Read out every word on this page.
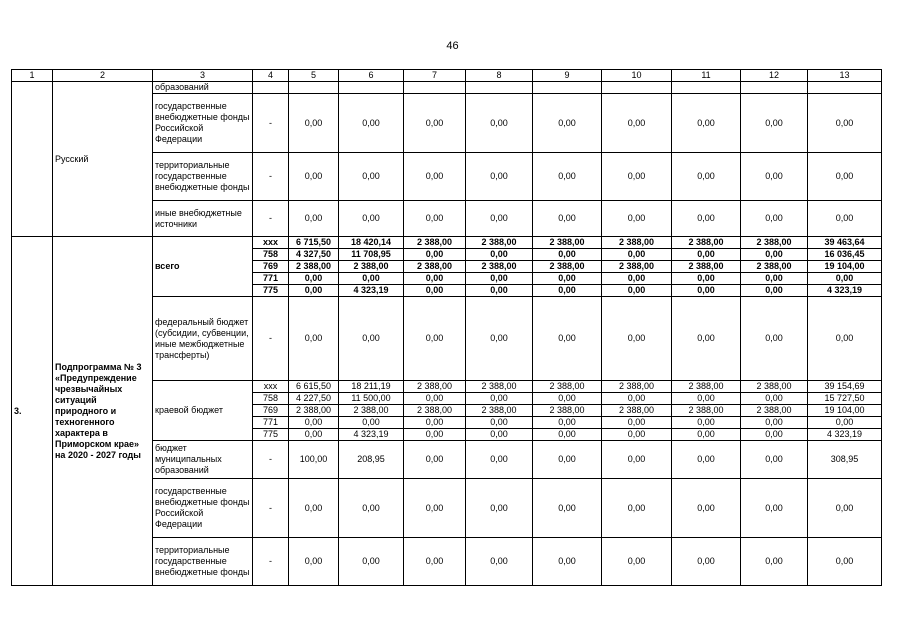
46
1	2	3	4	5	6	7	8	9	10	11	12	13
	Русский	образований										
		государственные внебюджетные фонды Российской Федерации	-	0,00	0,00	0,00	0,00	0,00	0,00	0,00	0,00	0,00
		территориальные государственные внебюджетные фонды	-	0,00	0,00	0,00	0,00	0,00	0,00	0,00	0,00	0,00
		иные внебюджетные источники	-	0,00	0,00	0,00	0,00	0,00	0,00	0,00	0,00	0,00
3.	Подпрограмма № 3 «Предупреждение чрезвычайных ситуаций природного и техногенного характера в Приморском крае» на 2020 - 2027 годы	всего	ххх	6 715,50	18 420,14	2 388,00	2 388,00	2 388,00	2 388,00	2 388,00	2 388,00	39 463,64
			758	4 327,50	11 708,95	0,00	0,00	0,00	0,00	0,00	0,00	16 036,45
			769	2 388,00	2 388,00	2 388,00	2 388,00	2 388,00	2 388,00	2 388,00	2 388,00	19 104,00
			771	0,00	0,00	0,00	0,00	0,00	0,00	0,00	0,00	0,00
			775	0,00	4 323,19	0,00	0,00	0,00	0,00	0,00	0,00	4 323,19
		федеральный бюджет (субсидии, субвенции, иные межбюджетные трансферты)	-	0,00	0,00	0,00	0,00	0,00	0,00	0,00	0,00	0,00
		краевой бюджет	ххх	6 615,50	18 211,19	2 388,00	2 388,00	2 388,00	2 388,00	2 388,00	2 388,00	39 154,69
			758	4 227,50	11 500,00	0,00	0,00	0,00	0,00	0,00	0,00	15 727,50
			769	2 388,00	2 388,00	2 388,00	2 388,00	2 388,00	2 388,00	2 388,00	2 388,00	19 104,00
			771	0,00	0,00	0,00	0,00	0,00	0,00	0,00	0,00	0,00
			775	0,00	4 323,19	0,00	0,00	0,00	0,00	0,00	0,00	4 323,19
		бюджет муниципальных образований	-	100,00	208,95	0,00	0,00	0,00	0,00	0,00	0,00	308,95
		государственные внебюджетные фонды Российской Федерации	-	0,00	0,00	0,00	0,00	0,00	0,00	0,00	0,00	0,00
		территориальные государственные внебюджетные фонды	-	0,00	0,00	0,00	0,00	0,00	0,00	0,00	0,00	0,00
